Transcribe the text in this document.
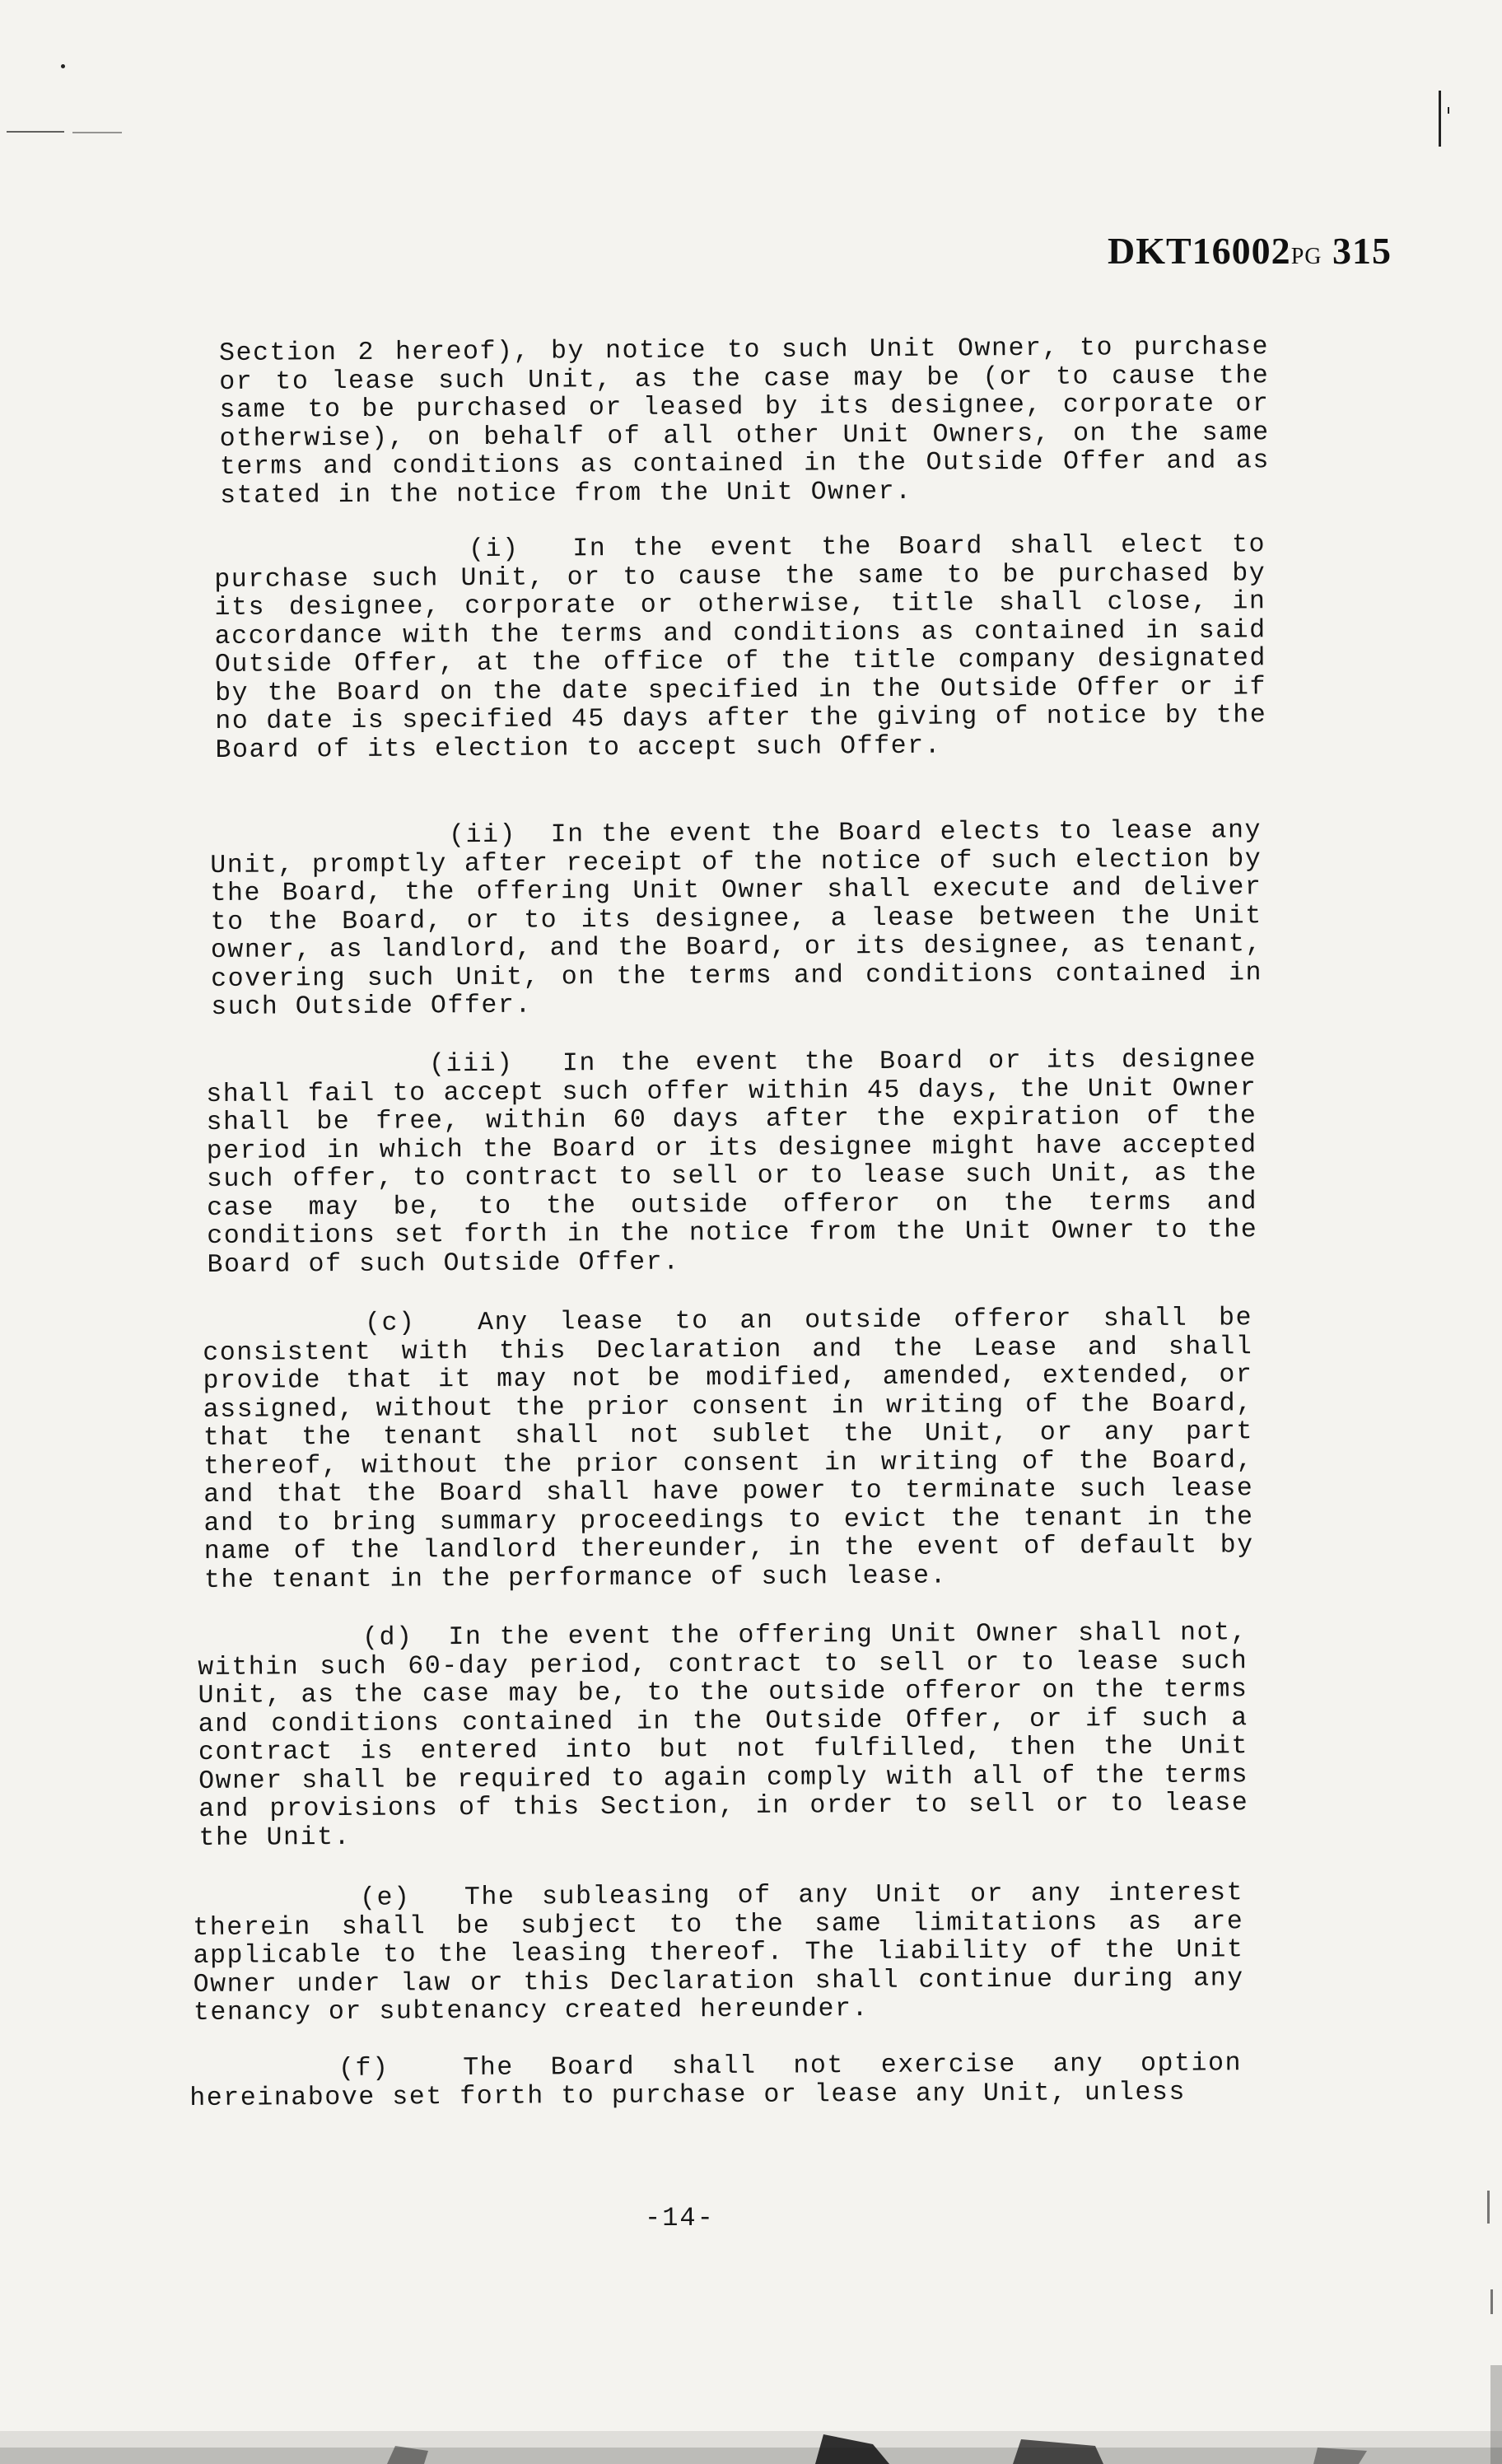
DKT16002PG 315

Section 2 hereof), by notice to such Unit Owner, to purchase or to lease such Unit, as the case may be (or to cause the same to be purchased or leased by its designee, corporate or otherwise), on behalf of all other Unit Owners, on the same terms and conditions as contained in the Outside Offer and as stated in the notice from the Unit Owner.

(i) In the event the Board shall elect to purchase such Unit, or to cause the same to be purchased by its designee, corporate or otherwise, title shall close, in accordance with the terms and conditions as contained in said Outside Offer, at the office of the title company designated by the Board on the date specified in the Outside Offer or if no date is specified 45 days after the giving of notice by the Board of its election to accept such Offer.

(ii) In the event the Board elects to lease any Unit, promptly after receipt of the notice of such election by the Board, the offering Unit Owner shall execute and deliver to the Board, or to its designee, a lease between the Unit owner, as landlord, and the Board, or its designee, as tenant, covering such Unit, on the terms and conditions contained in such Outside Offer.

(iii) In the event the Board or its designee shall fail to accept such offer within 45 days, the Unit Owner shall be free, within 60 days after the expiration of the period in which the Board or its designee might have accepted such offer, to contract to sell or to lease such Unit, as the case may be, to the outside offeror on the terms and conditions set forth in the notice from the Unit Owner to the Board of such Outside Offer.

(c) Any lease to an outside offeror shall be consistent with this Declaration and the Lease and shall provide that it may not be modified, amended, extended, or assigned, without the prior consent in writing of the Board, that the tenant shall not sublet the Unit, or any part thereof, without the prior consent in writing of the Board, and that the Board shall have power to terminate such lease and to bring summary proceedings to evict the tenant in the name of the landlord thereunder, in the event of default by the tenant in the performance of such lease.

(d) In the event the offering Unit Owner shall not, within such 60-day period, contract to sell or to lease such Unit, as the case may be, to the outside offeror on the terms and conditions contained in the Outside Offer, or if such a contract is entered into but not fulfilled, then the Unit Owner shall be required to again comply with all of the terms and provisions of this Section, in order to sell or to lease the Unit.

(e) The subleasing of any Unit or any interest therein shall be subject to the same limitations as are applicable to the leasing thereof. The liability of the Unit Owner under law or this Declaration shall continue during any tenancy or subtenancy created hereunder.

(f)	The Board shall not exercise any option hereinabove set forth to purchase or lease any Unit, unless

-14-
